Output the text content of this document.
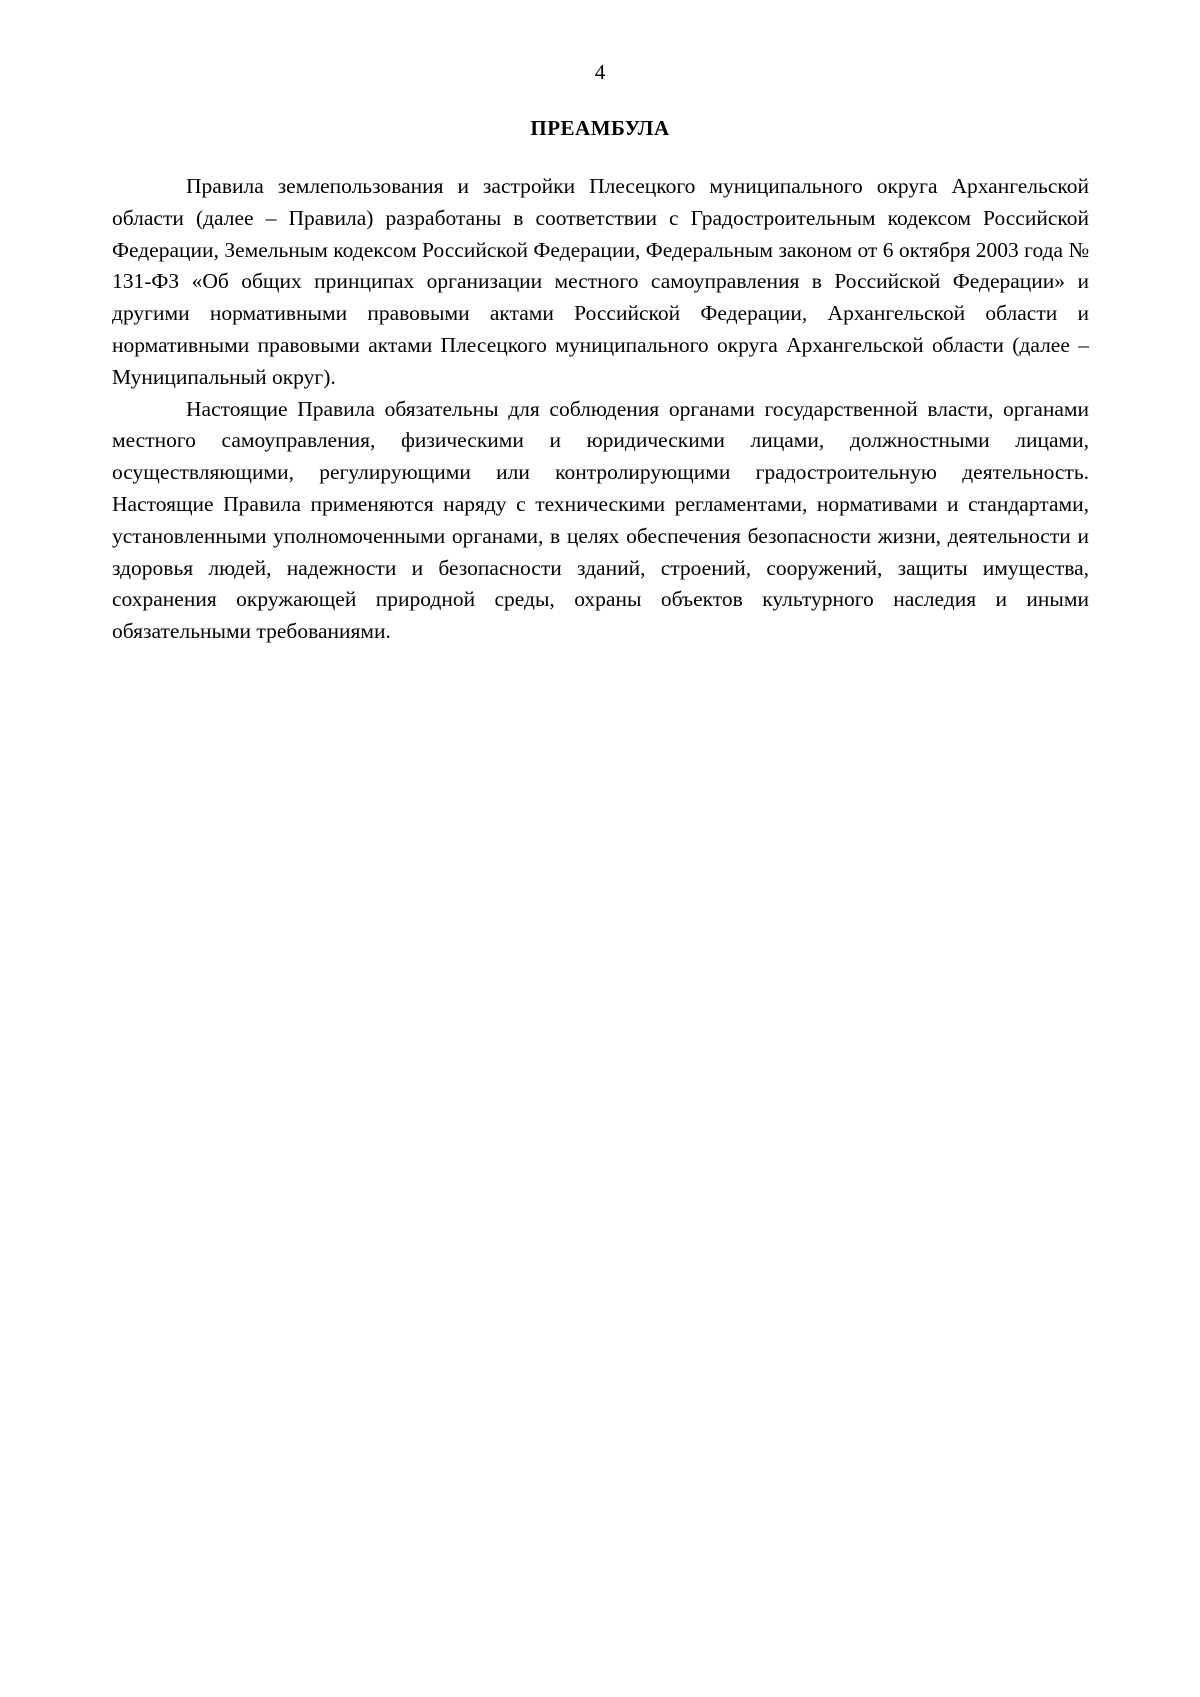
4
ПРЕАМБУЛА

Правила землепользования и застройки Плесецкого муниципального округа Архангельской области (далее – Правила) разработаны в соответствии с Градостроительным кодексом Российской Федерации, Земельным кодексом Российской Федерации, Федеральным законом от 6 октября 2003 года № 131-ФЗ «Об общих принципах организации местного самоуправления в Российской Федерации» и другими нормативными правовыми актами Российской Федерации, Архангельской области и нормативными правовыми актами Плесецкого муниципального округа Архангельской области (далее – Муниципальный округ).

Настоящие Правила обязательны для соблюдения органами государственной власти, органами местного самоуправления, физическими и юридическими лицами, должностными лицами, осуществляющими, регулирующими или контролирующими градостроительную деятельность. Настоящие Правила применяются наряду с техническими регламентами, нормативами и стандартами, установленными уполномоченными органами, в целях обеспечения безопасности жизни, деятельности и здоровья людей, надежности и безопасности зданий, строений, сооружений, защиты имущества, сохранения окружающей природной среды, охраны объектов культурного наследия и иными обязательными требованиями.
